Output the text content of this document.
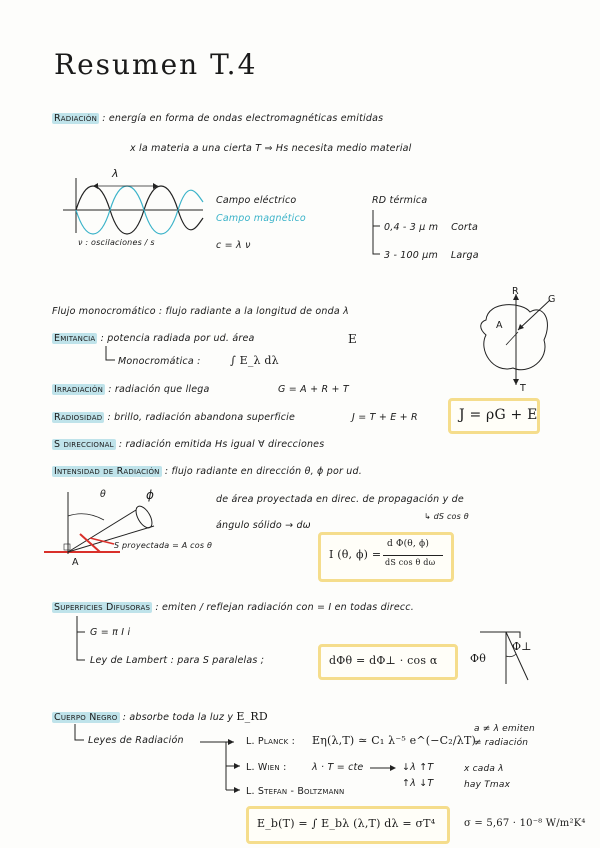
Resumen T.4
Radiación : energía en forma de ondas electromagnéticas emitidas
x la materia a una cierta T ⇒ Hs necesita medio material
λ
ν : oscilaciones / s
Campo eléctrico
Campo magnético
c = λ ν
RD térmica
0,4 - 3 μ m Corta
3 - 100 μm Larga
R
G
A
T
Flujo monocromático : flujo radiante a la longitud de onda λ
Emitancia : potencia radiada por ud. área	E
Monocromática :	∫ E_λ dλ
Irradiación : radiación que llega	G = A + R + T
Radiosidad : brillo, radiación abandona superficie	J = T + E + R	J = ρG + E
S direccional : radiación emitida Hs igual ∀ direcciones
Intensidad de Radiación : flujo radiante en dirección θ, ϕ por ud.
de área proyectada en direc. de propagación y de
↳ dS cos θ
ángulo sólido → dω
θ	ϕ
A
S proyectada = A cos θ
I (θ, ϕ) =
d Φ(θ, ϕ)
dS cos θ dω
Superficies Difusoras : emiten / reflejan radiación con = I en todas direcc.
G = π I i
Ley de Lambert : para S paralelas ;	dΦθ = dΦ⊥ · cos α	Φθ
Φ⊥
Cuerpo Negro : absorbe toda la luz y E_RD
Leyes de Radiación	L. Planck : Eη(λ,T) ≃ C₁ λ⁻⁵ e^(−C₂/λT)
a ≠ λ emiten
≠ radiación
L. Wien :	λ · T = cte	↓λ ↑T
↑λ ↓T
x cada λ
hay Tmax
L. Stefan - Boltzmann
E_b(T) = ∫ E_bλ (λ,T) dλ = σT⁴	σ = 5,67 · 10⁻⁸ W/m²K⁴
